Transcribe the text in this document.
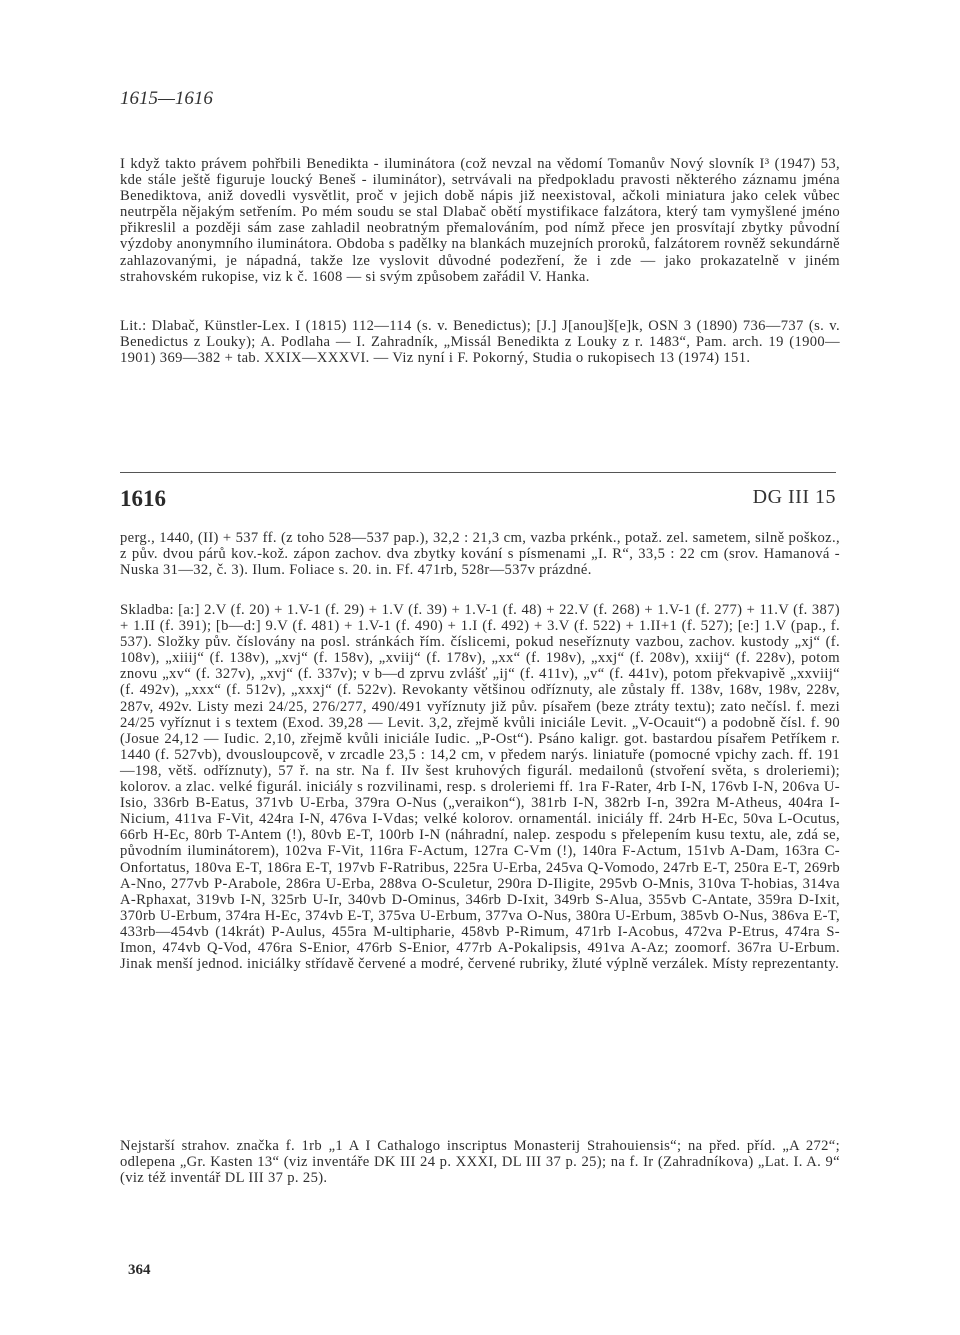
1615—1616

I když takto právem pohřbili Benedikta - iluminátora (což nevzal na vědomí Tomanův Nový slovník I³ (1947) 53, kde stále ještě figuruje loucký Beneš - iluminátor), setrvávali na předpokladu pravosti některého záznamu jména Benediktova, aniž dovedli vysvětlit, proč v jejich době nápis již neexistoval, ačkoli miniatura jako celek vůbec neutrpěla nějakým setřením. Po mém soudu se stal Dlabač obětí mystifikace falzátora, který tam vymyšlené jméno přikreslil a později sám zase zahladil neobratným přemalováním, pod nímž přece jen prosvítají zbytky původní výzdoby anonymního iluminátora. Obdoba s padělky na blankách muzejních proroků, falzátorem rovněž sekundárně zahlazovanými, je nápadná, takže lze vyslovit důvodné podezření, že i zde — jako prokazatelně v jiném strahovském rukopise, viz k č. 1608 — si svým způsobem zařádil V. Hanka.

Lit.: Dlabač, Künstler-Lex. I (1815) 112—114 (s. v. Benedictus); [J.] J[anou]š[e]k, OSN 3 (1890) 736—737 (s. v. Benedictus z Louky); A. Podlaha — I. Zahradník, „Missál Benedikta z Louky z r. 1483“, Pam. arch. 19 (1900—1901) 369—382 + tab. XXIX—XXXVI. — Viz nyní i F. Pokorný, Studia o rukopisech 13 (1974) 151.

1616	DG III 15

perg., 1440, (II) + 537 ff. (z toho 528—537 pap.), 32,2 : 21,3 cm, vazba prkénk., potaž. zel. sametem, silně poškoz., z pův. dvou párů kov.-kož. zápon zachov. dva zbytky kování s písmenami „I. R“, 33,5 : 22 cm (srov. Hamanová - Nuska 31—32, č. 3). Ilum. Foliace s. 20. in. Ff. 471rb, 528r—537v prázdné.

Skladba: [a:] 2.V (f. 20) + 1.V-1 (f. 29) + 1.V (f. 39) + 1.V-1 (f. 48) + 22.V (f. 268) + 1.V-1 (f. 277) + 11.V (f. 387) + 1.II (f. 391); [b—d:] 9.V (f. 481) + 1.V-1 (f. 490) + 1.I (f. 492) + 3.V (f. 522) + 1.II+1 (f. 527); [e:] 1.V (pap., f. 537). Složky pův. číslovány na posl. stránkách řím. číslicemi, pokud neseříznuty vazbou, zachov. kustody „xj“ (f. 108v), „xiiij“ (f. 138v), „xvj“ (f. 158v), „xviij“ (f. 178v), „xx“ (f. 198v), „xxj“ (f. 208v), xxiij“ (f. 228v), potom znovu „xv“ (f. 327v), „xvj“ (f. 337v); v b—d zprvu zvlášť „ij“ (f. 411v), „v“ (f. 441v), potom překvapivě „xxviij“ (f. 492v), „xxx“ (f. 512v), „xxxj“ (f. 522v). Revokanty většinou odříznuty, ale zůstaly ff. 138v, 168v, 198v, 228v, 287v, 492v. Listy mezi 24/25, 276/277, 490/491 vyříznuty již pův. písařem (beze ztráty textu); zato nečísl. f. mezi 24/25 vyříznut i s textem (Exod. 39,28 — Levit. 3,2, zřejmě kvůli iniciále Levit. „V-Ocauit“) a podobně čísl. f. 90 (Josue 24,12 — Iudic. 2,10, zřejmě kvůli iniciále Iudic. „P-Ost“). Psáno kaligr. got. bastardou písařem Petříkem r. 1440 (f. 527vb), dvousloupcově, v zrcadle 23,5 : 14,2 cm, v předem narýs. liniatuře (pomocné vpichy zach. ff. 191—198, větš. odříznuty), 57 ř. na str. Na f. IIv šest kruhových figurál. medailonů (stvoření světa, s droleriemi); kolorov. a zlac. velké figurál. iniciály s rozvilinami, resp. s droleriemi ff. 1ra F-Rater, 4rb I-N, 176vb I-N, 206va U-Isio, 336rb B-Eatus, 371vb U-Erba, 379ra O-Nus („veraikon“), 381rb I-N, 382rb I-n, 392ra M-Atheus, 404ra I-Nicium, 411va F-Vit, 424ra I-N, 476va I-Vdas; velké kolorov. ornamentál. iniciály ff. 24rb H-Ec, 50va L-Ocutus, 66rb H-Ec, 80rb T-Antem (!), 80vb E-T, 100rb I-N (náhradní, nalep. zespodu s přelepením kusu textu, ale, zdá se, původním iluminátorem), 102va F-Vit, 116ra F-Actum, 127ra C-Vm (!), 140ra F-Actum, 151vb A-Dam, 163ra C-Onfortatus, 180va E-T, 186ra E-T, 197vb F-Ratribus, 225ra U-Erba, 245va Q-Vomodo, 247rb E-T, 250ra E-T, 269rb A-Nno, 277vb P-Arabole, 286ra U-Erba, 288va O-Sculetur, 290ra D-Iligite, 295vb O-Mnis, 310va T-hobias, 314va A-Rphaxat, 319vb I-N, 325rb U-Ir, 340vb D-Ominus, 346rb D-Ixit, 349rb S-Alua, 355vb C-Antate, 359ra D-Ixit, 370rb U-Erbum, 374ra H-Ec, 374vb E-T, 375va U-Erbum, 377va O-Nus, 380ra U-Erbum, 385vb O-Nus, 386va E-T, 433rb—454vb (14krát) P-Aulus, 455ra M-ultipharie, 458vb P-Rimum, 471rb I-Acobus, 472va P-Etrus, 474ra S-Imon, 474vb Q-Vod, 476ra S-Enior, 476rb S-Enior, 477rb A-Pokalipsis, 491va A-Az; zoomorf. 367ra U-Erbum. Jinak menší jednod. iniciálky střídavě červené a modré, červené rubriky, žluté výplně verzálek. Místy reprezentanty.

Nejstarší strahov. značka f. 1rb „1 A I Cathalogo inscriptus Monasterij Strahouiensis“; na před. příd. „A 272“; odlepena „Gr. Kasten 13“ (viz inventáře DK III 24 p. XXXI, DL III 37 p. 25); na f. Ir (Zahradníkova) „Lat. I. A. 9“ (viz též inventář DL III 37 p. 25).

364
